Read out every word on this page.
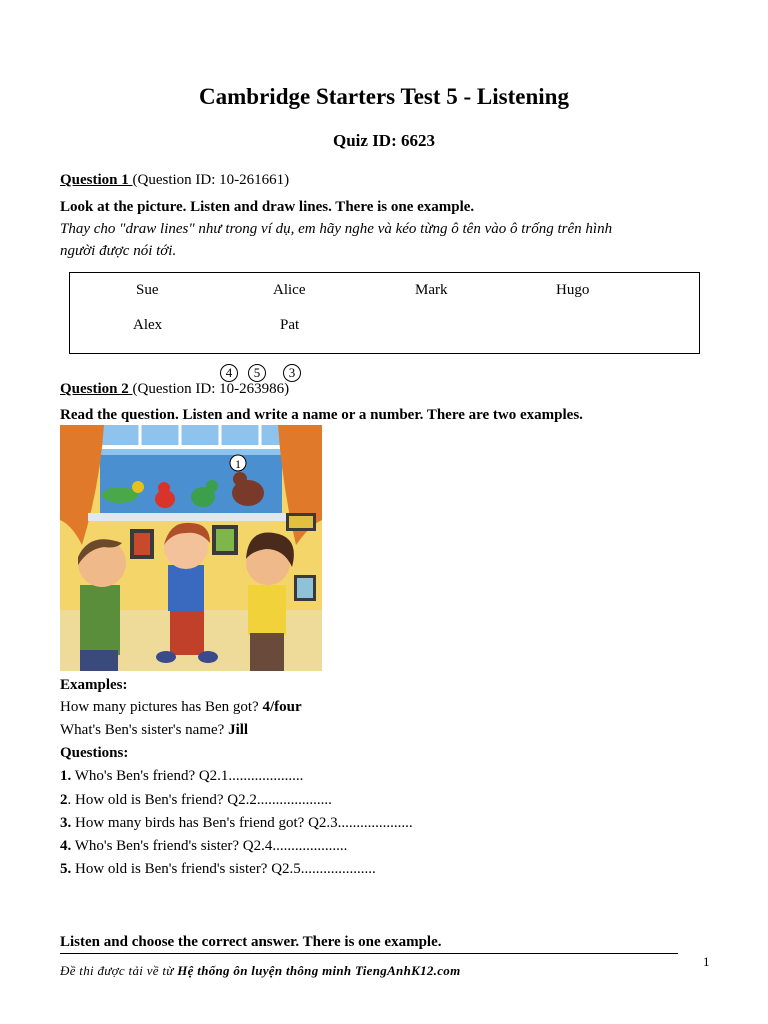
Cambridge Starters Test 5 - Listening
Quiz ID: 6623
Question 1 (Question ID: 10-261661)
Look at the picture. Listen and draw lines. There is one example.
Thay cho "draw lines" như trong ví dụ, em hãy nghe và kéo từng ô tên vào ô trống trên hình
người được nói tới.
Sue	Alice	Mark	Hugo
Alex	Pat
4	5	3
Question 2 (Question ID: 10-263986)
Read the question. Listen and write a name or a number. There are two examples.
1
Examples:
How many pictures has Ben got? 4/four
What's Ben's sister's name? Jill
Questions:
1. Who's Ben's friend? Q2.1....................
2. How old is Ben's friend? Q2.2....................
3. How many birds has Ben's friend got? Q2.3....................
4. Who's Ben's friend's sister? Q2.4....................
5. How old is Ben's friend's sister? Q2.5....................
Listen and choose the correct answer. There is one example.
Đề thi được tải về từ Hệ thống ôn luyện thông minh TiengAnhK12.com
1
